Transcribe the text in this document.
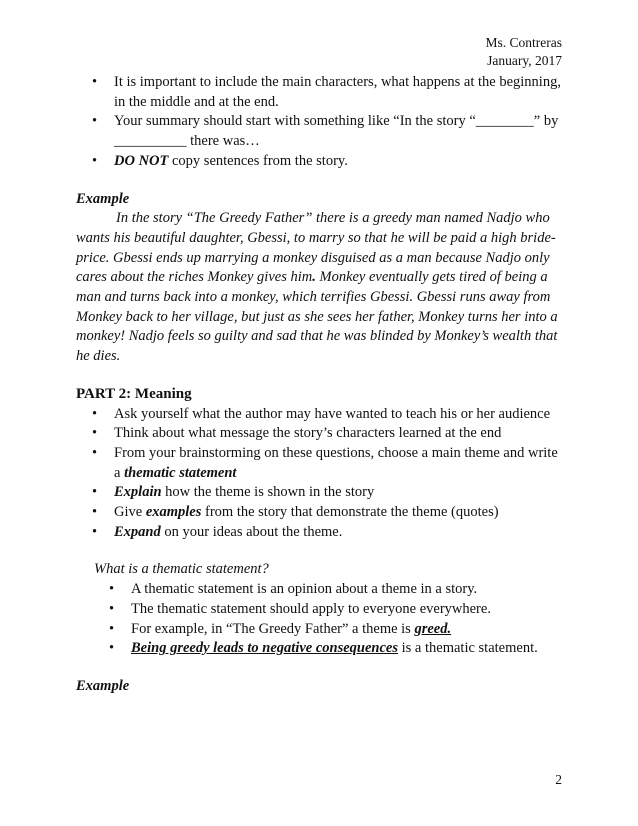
Ms. Contreras
January, 2017
• It is important to include the main characters, what happens at the beginning, in the middle and at the end.
• Your summary should start with something like “In the story “________” by __________ there was…
• DO NOT copy sentences from the story.
Example
In the story “The Greedy Father” there is a greedy man named Nadjo who wants his beautiful daughter, Gbessi, to marry so that he will be paid a high bride-price. Gbessi ends up marrying a monkey disguised as a man because Nadjo only cares about the riches Monkey gives him. Monkey eventually gets tired of being a man and turns back into a monkey, which terrifies Gbessi. Gbessi runs away from Monkey back to her village, but just as she sees her father, Monkey turns her into a monkey! Nadjo feels so guilty and sad that he was blinded by Monkey’s wealth that he dies.
PART 2: Meaning
• Ask yourself what the author may have wanted to teach his or her audience
• Think about what message the story’s characters learned at the end
• From your brainstorming on these questions, choose a main theme and write a thematic statement
• Explain how the theme is shown in the story
• Give examples from the story that demonstrate the theme (quotes)
• Expand on your ideas about the theme.
What is a thematic statement?
• A thematic statement is an opinion about a theme in a story.
• The thematic statement should apply to everyone everywhere.
• For example, in “The Greedy Father” a theme is greed.
• Being greedy leads to negative consequences is a thematic statement.
Example
2
